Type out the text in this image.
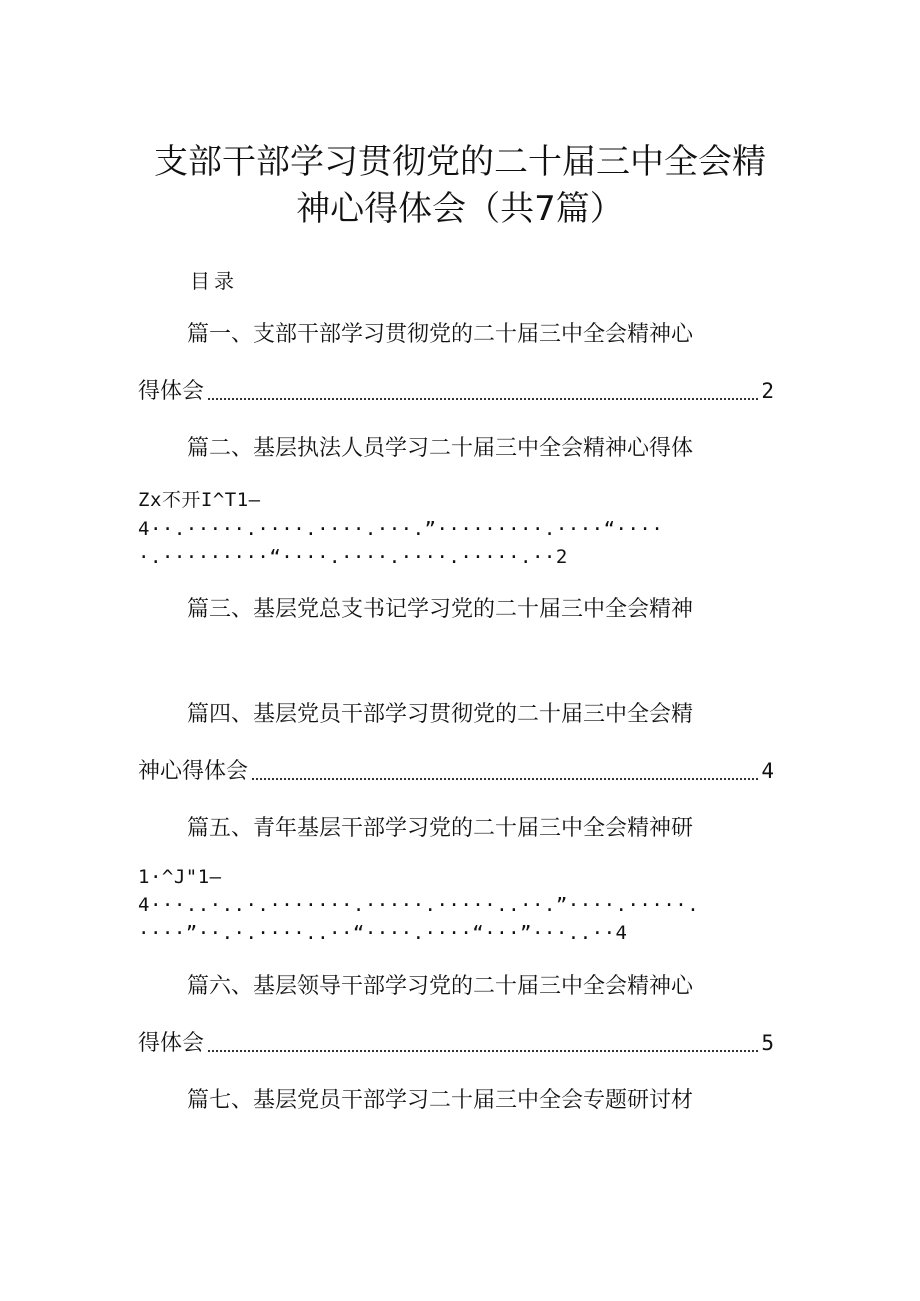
支部干部学习贯彻党的二十届三中全会精
神心得体会（共7篇）
目录
篇一、支部干部学习贯彻党的二十届三中全会精神心
得体会	2
篇二、基层执法人员学习二十届三中全会精神心得体
Zx不开I^T1—
4··.·····.····.····.···.”·········.····“····
·.·········“····.····.····.·····.··2
篇三、基层党总支书记学习党的二十届三中全会精神
篇四、基层党员干部学习贯彻党的二十届三中全会精
神心得体会	4
篇五、青年基层干部学习党的二十届三中全会精神研
1·^J"1—
4···..·..·.·······.·····.·····..··.”····.·····.
····”··.·.····..··“····.····“···”···..··4
篇六、基层领导干部学习党的二十届三中全会精神心
得体会	5
篇七、基层党员干部学习二十届三中全会专题研讨材
